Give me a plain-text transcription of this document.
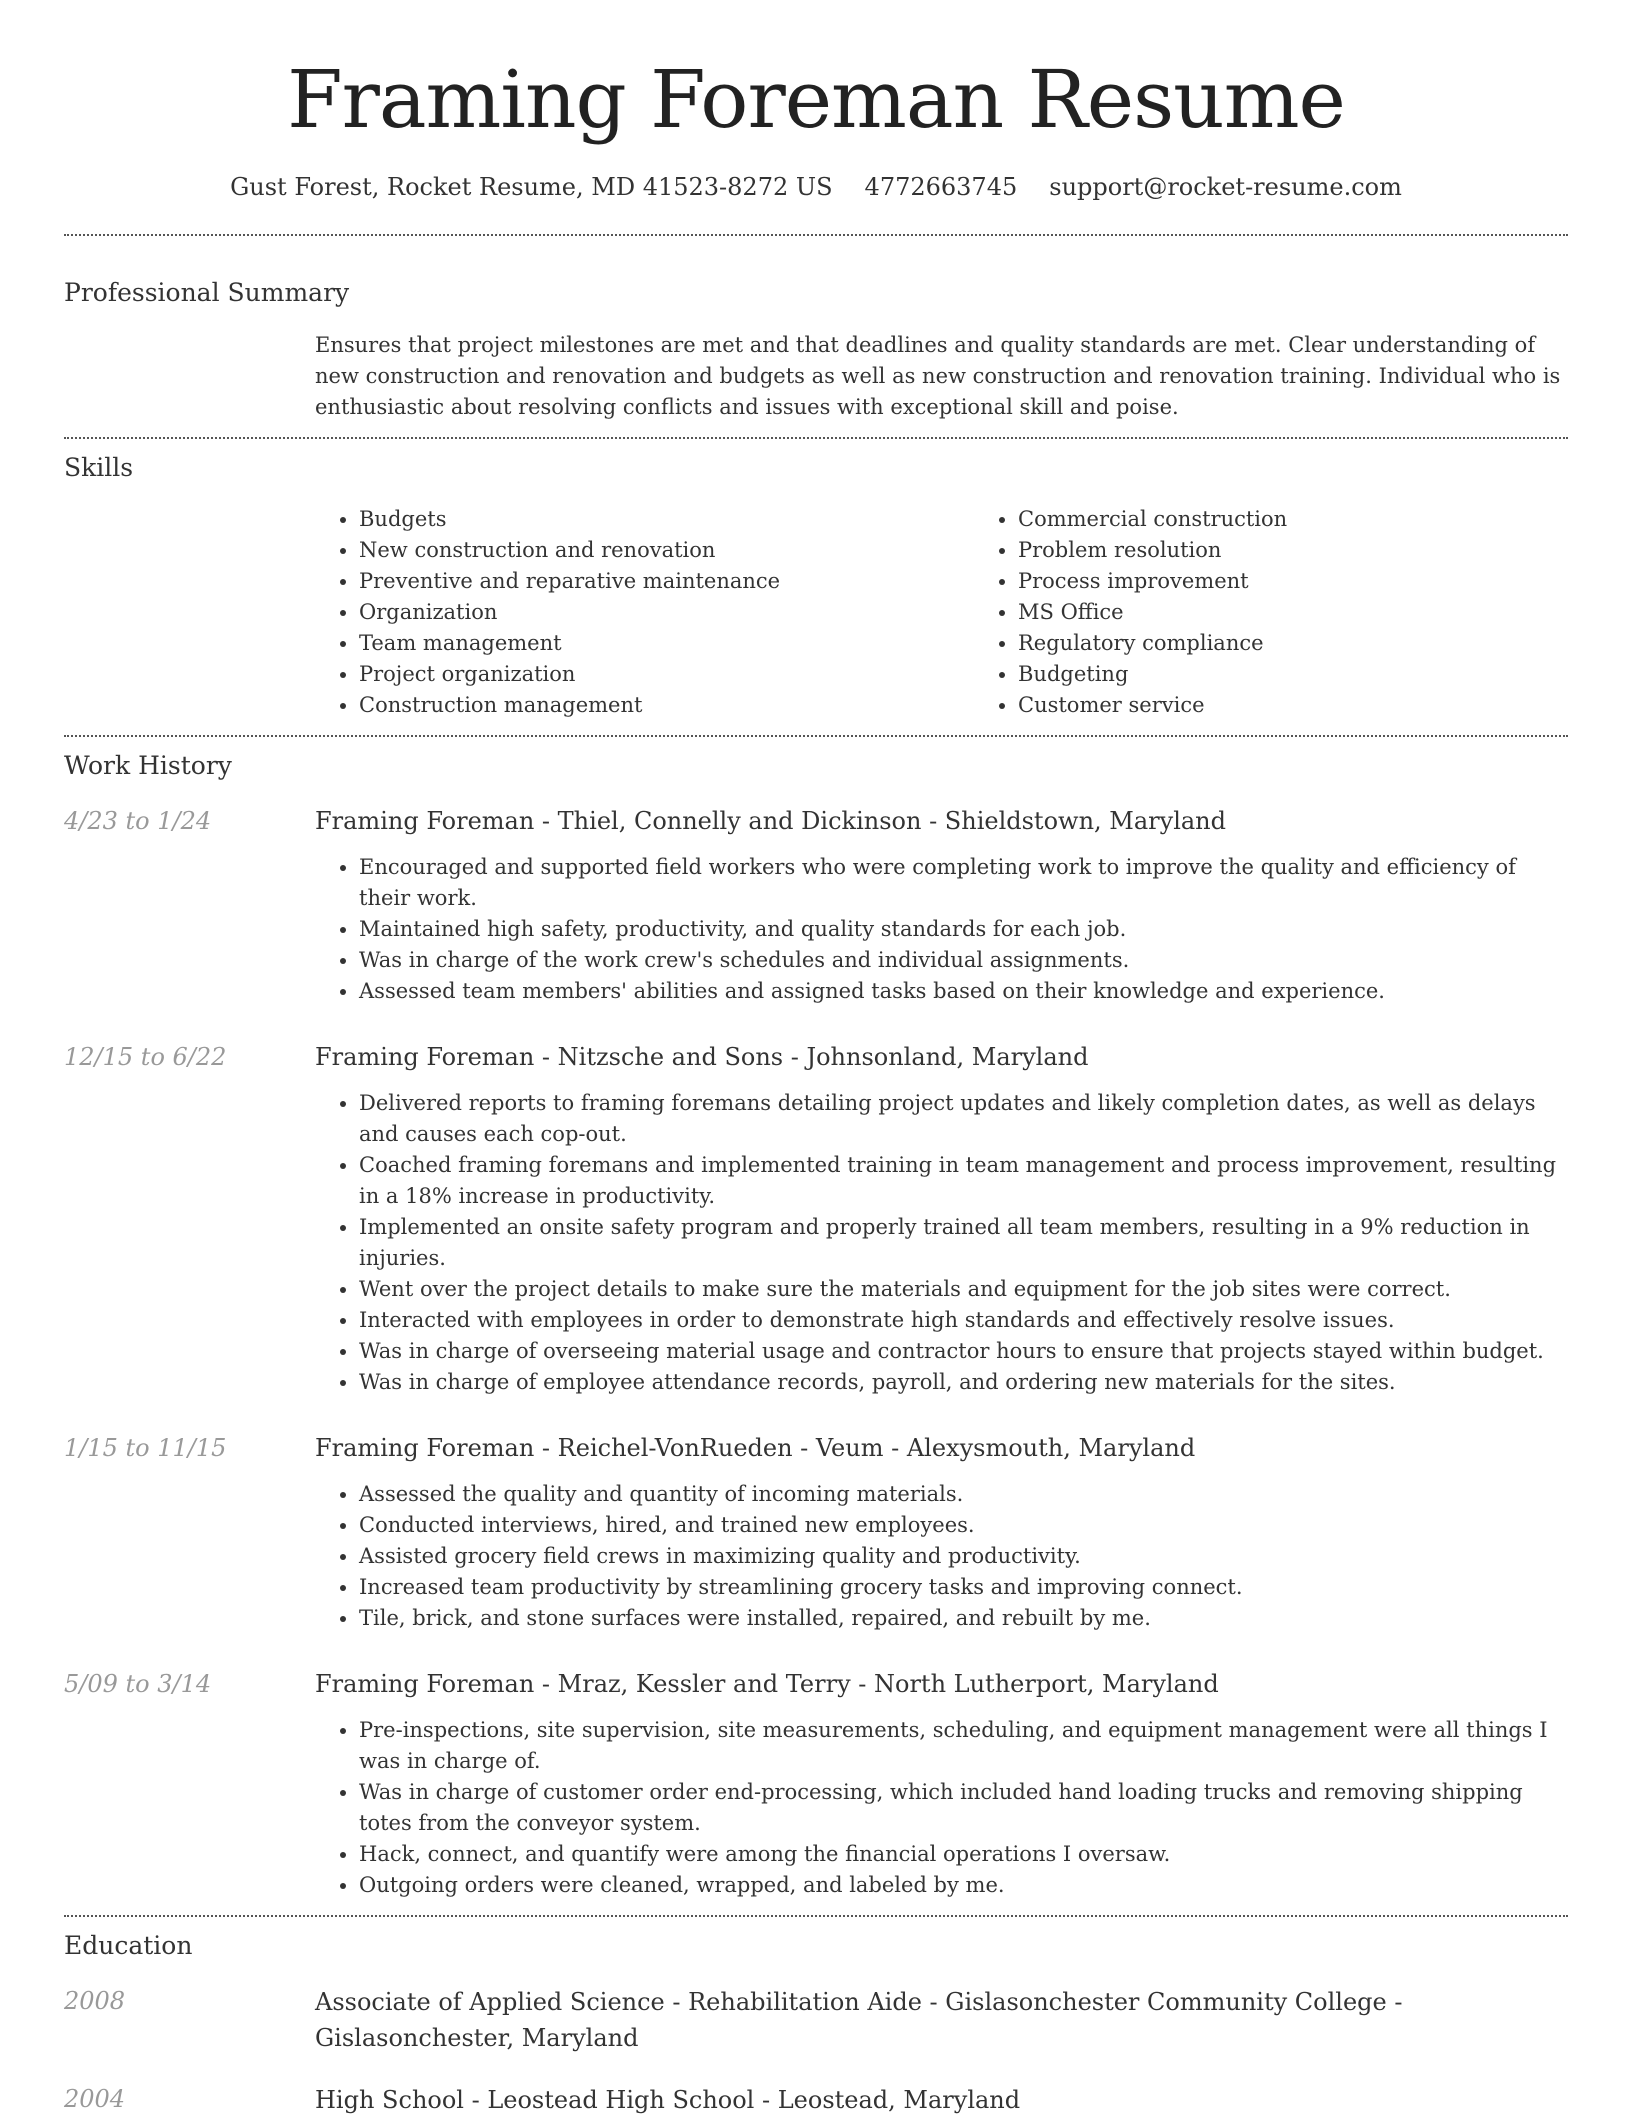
Framing Foreman Resume
Gust Forest, Rocket Resume, MD 41523-8272 US 4772663745 support@rocket-resume.com
Professional Summary
Ensures that project milestones are met and that deadlines and quality standards are met. Clear understanding of new construction and renovation and budgets as well as new construction and renovation training. Individual who is enthusiastic about resolving conflicts and issues with exceptional skill and poise.
Skills
• Budgets
• New construction and renovation
• Preventive and reparative maintenance
• Organization
• Team management
• Project organization
• Construction management
• Commercial construction
• Problem resolution
• Process improvement
• MS Office
• Regulatory compliance
• Budgeting
• Customer service
Work History
4/23 to 1/24	Framing Foreman - Thiel, Connelly and Dickinson - Shieldstown, Maryland
• Encouraged and supported field workers who were completing work to improve the quality and efficiency of their work.
• Maintained high safety, productivity, and quality standards for each job.
• Was in charge of the work crew's schedules and individual assignments.
• Assessed team members' abilities and assigned tasks based on their knowledge and experience.
12/15 to 6/22	Framing Foreman - Nitzsche and Sons - Johnsonland, Maryland
• Delivered reports to framing foremans detailing project updates and likely completion dates, as well as delays and causes each cop-out.
• Coached framing foremans and implemented training in team management and process improvement, resulting in a 18% increase in productivity.
• Implemented an onsite safety program and properly trained all team members, resulting in a 9% reduction in injuries.
• Went over the project details to make sure the materials and equipment for the job sites were correct.
• Interacted with employees in order to demonstrate high standards and effectively resolve issues.
• Was in charge of overseeing material usage and contractor hours to ensure that projects stayed within budget.
• Was in charge of employee attendance records, payroll, and ordering new materials for the sites.
1/15 to 11/15	Framing Foreman - Reichel-VonRueden - Veum - Alexysmouth, Maryland
• Assessed the quality and quantity of incoming materials.
• Conducted interviews, hired, and trained new employees.
• Assisted grocery field crews in maximizing quality and productivity.
• Increased team productivity by streamlining grocery tasks and improving connect.
• Tile, brick, and stone surfaces were installed, repaired, and rebuilt by me.
5/09 to 3/14	Framing Foreman - Mraz, Kessler and Terry - North Lutherport, Maryland
• Pre-inspections, site supervision, site measurements, scheduling, and equipment management were all things I was in charge of.
• Was in charge of customer order end-processing, which included hand loading trucks and removing shipping totes from the conveyor system.
• Hack, connect, and quantify were among the financial operations I oversaw.
• Outgoing orders were cleaned, wrapped, and labeled by me.
Education
2008	Associate of Applied Science - Rehabilitation Aide - Gislasonchester Community College - Gislasonchester, Maryland
2004	High School - Leostead High School - Leostead, Maryland
